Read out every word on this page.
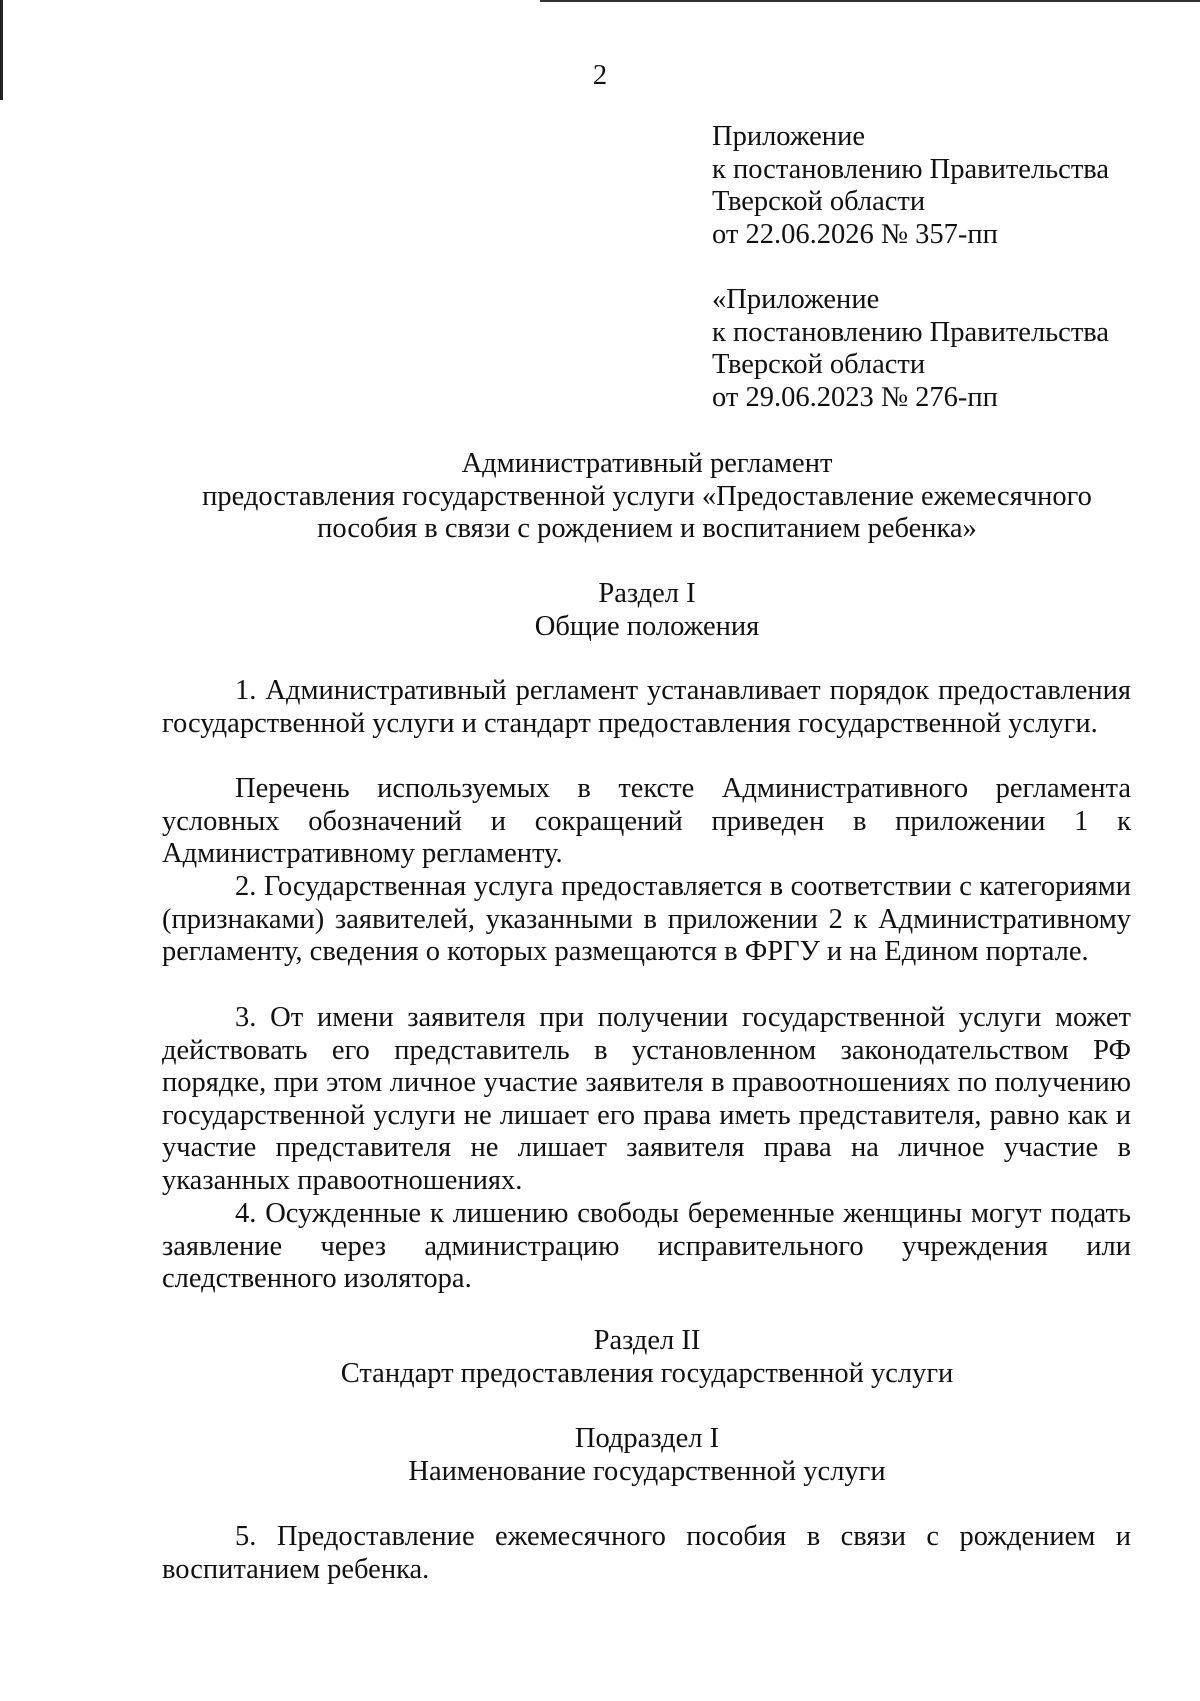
2
Приложение
к постановлению Правительства
Тверской области
от 22.06.2026 № 357-пп
«Приложение
к постановлению Правительства
Тверской области
от 29.06.2023 № 276-пп
Административный регламент
предоставления государственной услуги «Предоставление ежемесячного
пособия в связи с рождением и воспитанием ребенка»
Раздел I
Общие положения
1. Административный регламент устанавливает порядок предоставления государственной услуги и стандарт предоставления государственной услуги.
Перечень используемых в тексте Административного регламента условных обозначений и сокращений приведен в приложении 1 к Административному регламенту.
2. Государственная услуга предоставляется в соответствии с категориями (признаками) заявителей, указанными в приложении 2 к Административному регламенту, сведения о которых размещаются в ФРГУ и на Едином портале.
3. От имени заявителя при получении государственной услуги может действовать его представитель в установленном законодательством РФ порядке, при этом личное участие заявителя в правоотношениях по получению государственной услуги не лишает его права иметь представителя, равно как и участие представителя не лишает заявителя права на личное участие в указанных правоотношениях.
4. Осужденные к лишению свободы беременные женщины могут подать заявление через администрацию исправительного учреждения или следственного изолятора.
Раздел II
Стандарт предоставления государственной услуги
Подраздел I
Наименование государственной услуги
5. Предоставление ежемесячного пособия в связи с рождением и воспитанием ребенка.
